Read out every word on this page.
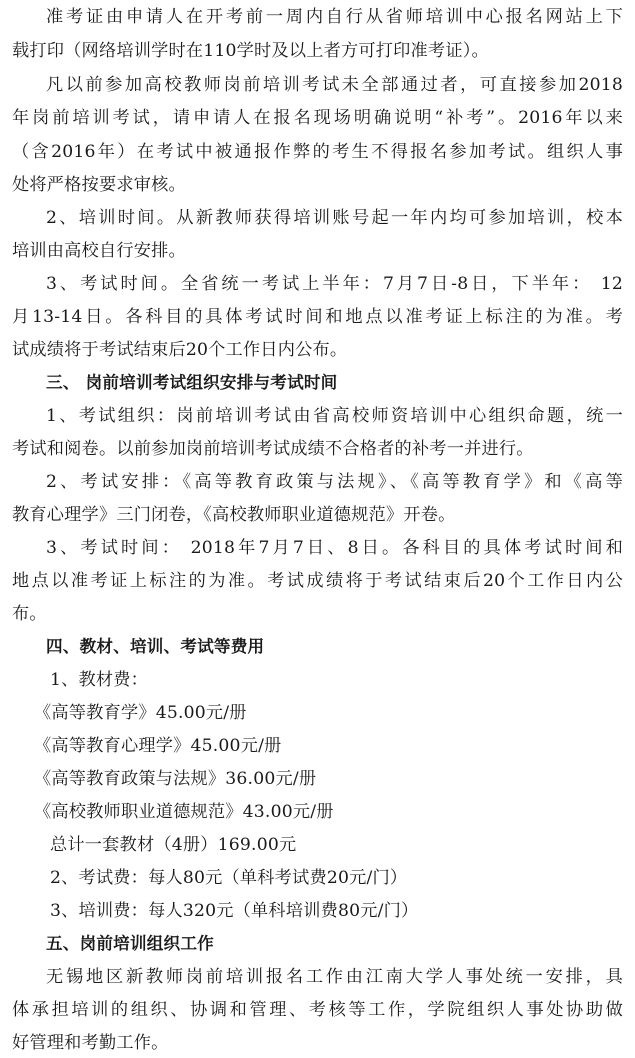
准考证由申请人在开考前一周内自行从省师培训中心报名网站上下
载打印（网络培训学时在110学时及以上者方可打印准考证）。
凡以前参加高校教师岗前培训考试未全部通过者，可直接参加2018
年岗前培训考试，请申请人在报名现场明确说明“补考”。2016年以来
（含2016年）在考试中被通报作弊的考生不得报名参加考试。组织人事
处将严格按要求审核。
2、培训时间。从新教师获得培训账号起一年内均可参加培训，校本
培训由高校自行安排。
3、考试时间。全省统一考试上半年：7月7日-8日，下半年： 12
月13-14日。各科目的具体考试时间和地点以准考证上标注的为准。考
试成绩将于考试结束后20个工作日内公布。
三、 岗前培训考试组织安排与考试时间
1、考试组织：岗前培训考试由省高校师资培训中心组织命题，统一
考试和阅卷。以前参加岗前培训考试成绩不合格者的补考一并进行。
2、考试安排：《高等教育政策与法规》、《高等教育学》和《高等
教育心理学》三门闭卷，《高校教师职业道德规范》开卷。
3、考试时间： 2018年7月7日、8日。各科目的具体考试时间和
地点以准考证上标注的为准。考试成绩将于考试结束后20个工作日内公
布。
四、教材、培训、考试等费用
1、教材费：
《高等教育学》45.00元/册
《高等教育心理学》45.00元/册
《高等教育政策与法规》36.00元/册
《高校教师职业道德规范》43.00元/册
总计一套教材（4册）169.00元
2、考试费：每人80元（单科考试费20元/门）
3、培训费：每人320元（单科培训费80元/门）
五、岗前培训组织工作
无锡地区新教师岗前培训报名工作由江南大学人事处统一安排，具
体承担培训的组织、协调和管理、考核等工作，学院组织人事处协助做
好管理和考勤工作。
